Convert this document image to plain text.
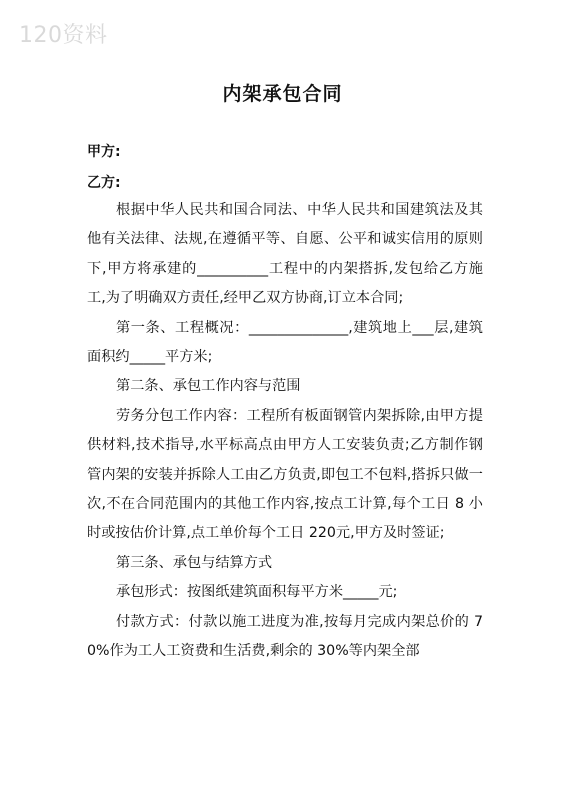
120资料
内架承包合同
甲方:
乙方:

根据中华人民共和国合同法、中华人民共和国建筑法及其他有关法律、法规,在遵循平等、自愿、公平和诚实信用的原则下,甲方将承建的__________工程中的内架搭拆,发包给乙方施工,为了明确双方责任,经甲乙双方协商,订立本合同;

第一条、工程概况：______________,建筑地上___层,建筑面积约_____平方米;

第二条、承包工作内容与范围

劳务分包工作内容：工程所有板面钢管内架拆除,由甲方提供材料,技术指导,水平标高点由甲方人工安装负责;乙方制作钢管内架的安装并拆除人工由乙方负责,即包工不包料,搭拆只做一次,不在合同范围内的其他工作内容,按点工计算,每个工日 8 小时或按估价计算,点工单价每个工日 220元,甲方及时签证;

第三条、承包与结算方式

承包形式：按图纸建筑面积每平方米_____元;

付款方式：付款以施工进度为准,按每月完成内架总价的 70%作为工人工资费和生活费,剩余的 30%等内架全部
